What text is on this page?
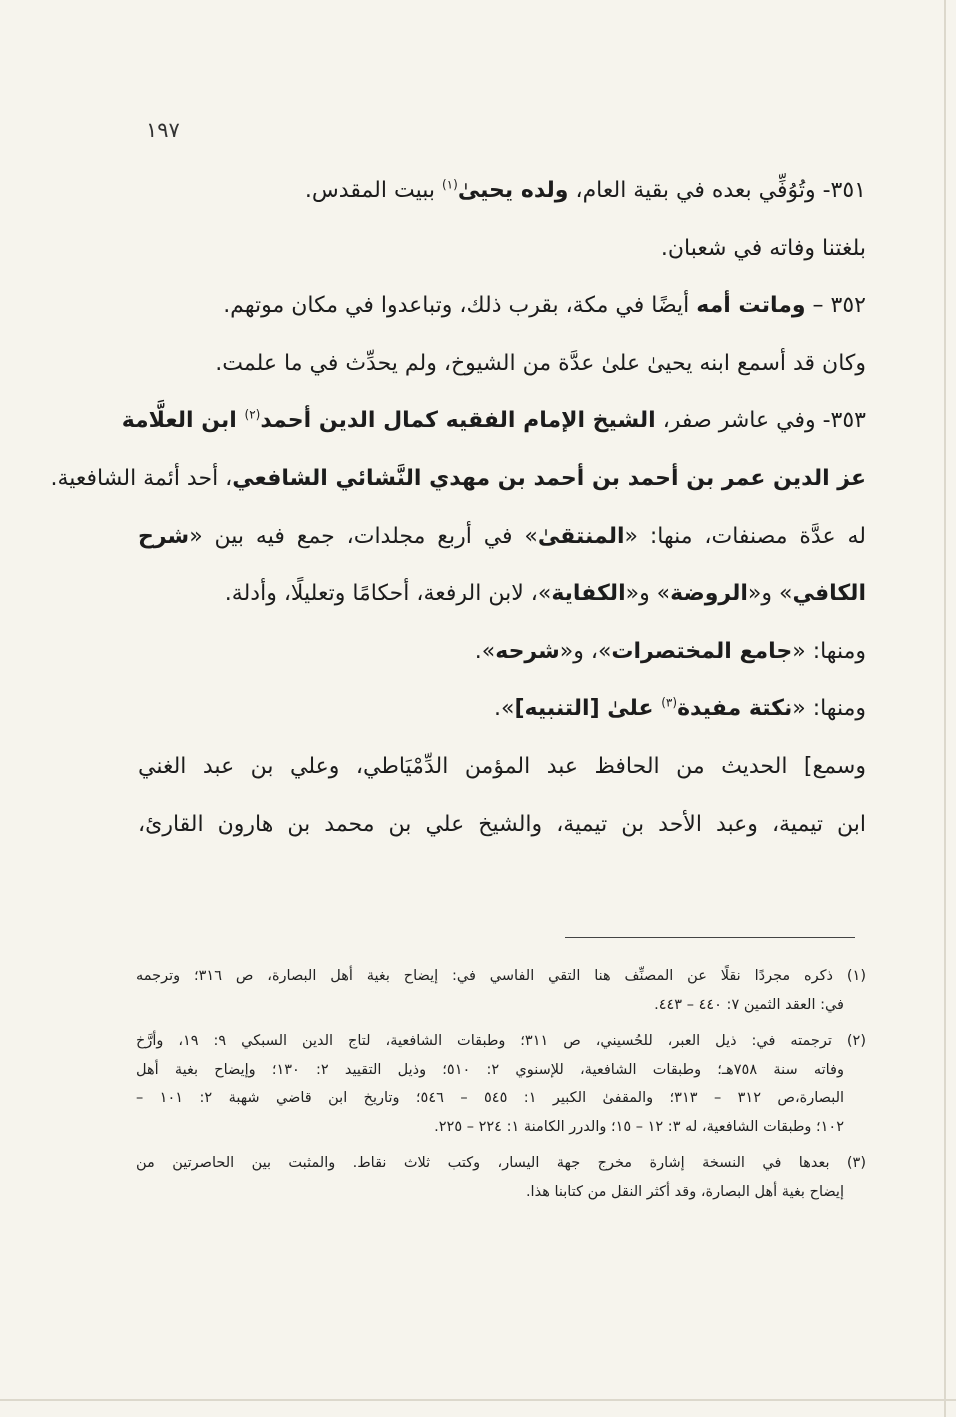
١٩٧
٣٥١- وتُوُفِّي بعده في بقية العام، ولده يحيىٰ$^{(١)}$ ببيت المقدس.
بلغتنا وفاته في شعبان.
٣٥٢ – وماتت أمه أيضًا في مكة، بقرب ذلك، وتباعدوا في مكان موتهم.
وكان قد أسمع ابنه يحيىٰ علىٰ عدَّة من الشيوخ، ولم يحدِّث في ما علمت.
٣٥٣- وفي عاشر صفر، الشيخ الإمام الفقيه كمال الدين أحمد$^{(٢)}$ ابن العلَّامة
عز الدين عمر بن أحمد بن أحمد بن مهدي النَّشائي الشافعي، أحد أئمة الشافعية.
له عدَّة مصنفات، منها: «المنتقىٰ» في أربع مجلدات، جمع فيه بين «شرح
الكافي» و«الروضة» و«الكفاية»، لابن الرفعة، أحكامًا وتعليلًا، وأدلة.
ومنها: «جامع المختصرات»، و«شرحه».
ومنها: «نكتة مفيدة$^{(٣)}$ علىٰ [التنبيه]».
وسمع] الحديث من الحافظ عبد المؤمن الدِّمْيَاطي، وعلي بن عبد الغني
ابن تيمية، وعبد الأحد بن تيمية، والشيخ علي بن محمد بن هارون القارئ،
(١) ذكره مجردًا نقلًا عن المصنِّف هنا التقي الفاسي في: إيضاح بغية أهل البصارة، ص ٣١٦؛ وترجمه
في: العقد الثمين ٧: ٤٤٠ – ٤٤٣.
(٢) ترجمته في: ذيل العبر، للحُسيني، ص ٣١١؛ وطبقات الشافعية، لتاج الدين السبكي ٩: ١٩، وأرَّخ
وفاته سنة ٧٥٨هـ؛ وطبقات الشافعية، للإسنوي ٢: ٥١٠؛ وذيل التقييد ٢: ١٣٠؛ وإيضاح بغية أهل
البصارة،ص ٣١٢ – ٣١٣؛ والمقفىٰ الكبير ١: ٥٤٥ – ٥٤٦؛ وتاريخ ابن قاضي شهبة ٢: ١٠١ –
١٠٢؛ وطبقات الشافعية، له ٣: ١٢ – ١٥؛ والدرر الكامنة ١: ٢٢٤ – ٢٢٥.
(٣) بعدها في النسخة إشارة مخرج جهة اليسار، وكتب ثلاث نقاط. والمثبت بين الحاصرتين من
إيضاح بغية أهل البصارة، وقد أكثر النقل من كتابنا هذا.
